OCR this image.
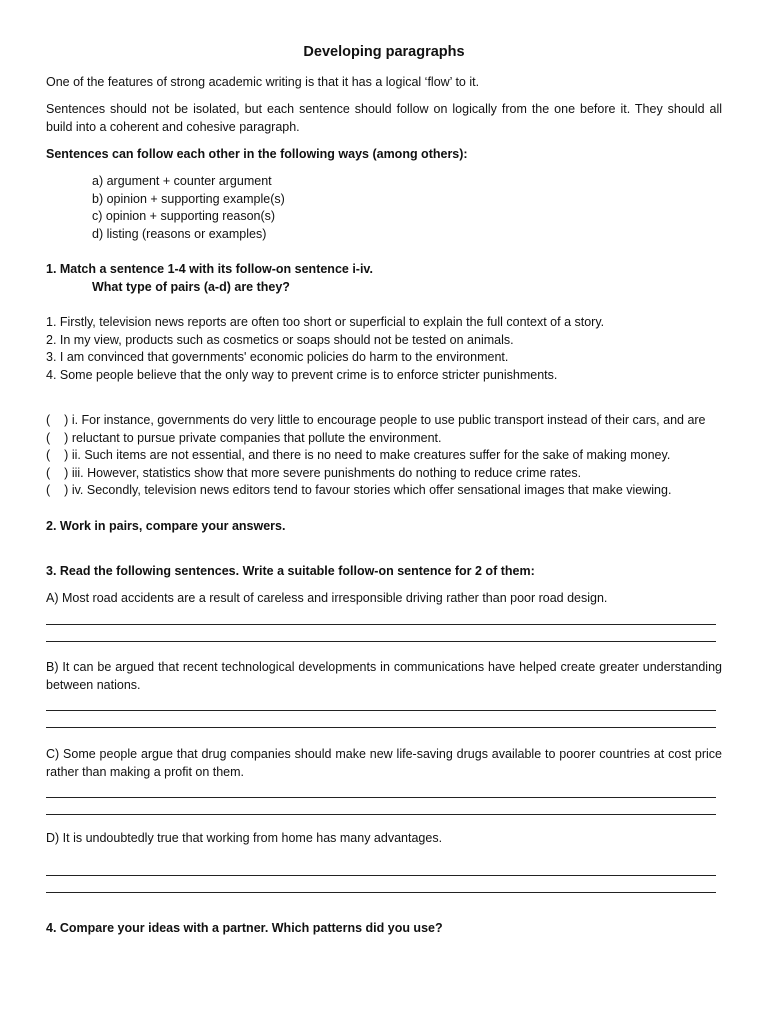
Developing paragraphs

One of the features of strong academic writing is that it has a logical ‘flow’ to it.

Sentences should not be isolated, but each sentence should follow on logically from the one before it. They should all build into a coherent and cohesive paragraph.

Sentences can follow each other in the following ways (among others):

a) argument + counter argument
b) opinion + supporting example(s)
c) opinion + supporting reason(s)
d) listing (reasons or examples)

1. Match a sentence 1-4 with its follow-on sentence i-iv.

What type of pairs (a-d) are they?

1. Firstly, television news reports are often too short or superficial to explain the full context of a story.
2. In my view, products such as cosmetics or soaps should not be tested on animals.
3. I am convinced that governments' economic policies do harm to the environment.
4. Some people believe that the only way to prevent crime is to enforce stricter punishments.
( ) i. For instance, governments do very little to encourage people to use public transport instead of their cars, and are
( ) reluctant to pursue private companies that pollute the environment.
( ) ii. Such items are not essential, and there is no need to make creatures suffer for the sake of making money.
( ) iii. However, statistics show that more severe punishments do nothing to reduce crime rates.
( ) iv. Secondly, television news editors tend to favour stories which offer sensational images that make viewing.

2. Work in pairs, compare your answers.

3. Read the following sentences. Write a suitable follow-on sentence for 2 of them:

A) Most road accidents are a result of careless and irresponsible driving rather than poor road design.

B) It can be argued that recent technological developments in communications have helped create greater understanding between nations.

C) Some people argue that drug companies should make new life-saving drugs available to poorer countries at cost price rather than making a profit on them.

D) It is undoubtedly true that working from home has many advantages.

4. Compare your ideas with a partner. Which patterns did you use?
